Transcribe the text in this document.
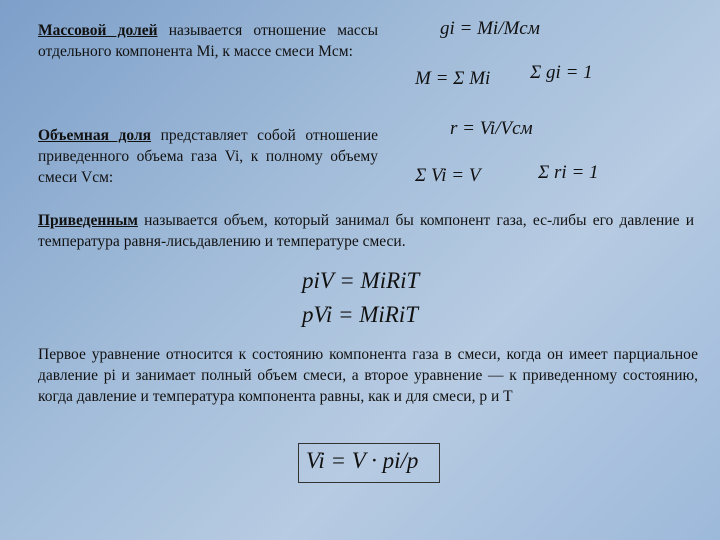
Массовой долей называется отношение массы отдельного компонента Mi, к массе смеси Mсм:
Объемная доля представляет собой отношение приведенного объема газа Vi, к полному объему смеси Vсм:
Приведенным называется объем, который занимал бы компонент газа, ес-либы его давление и температура равня-лисьдавлению и температуре смеси.
Первое уравнение относится к состоянию компонента газа в смеси, когда он имеет парциальное давление pi и занимает полный объем смеси, а второе уравнение — к приведенному состоянию, когда давление и температура компонента равны, как и для смеси, p и T
gi = Mi/Mсм
M = Σ Mi Σ gi = 1
r = Vi/Vсм
Σ Vi = V	Σ ri = 1
piV = MiRiT
pVi = MiRiT
Vi = V · pi/p
